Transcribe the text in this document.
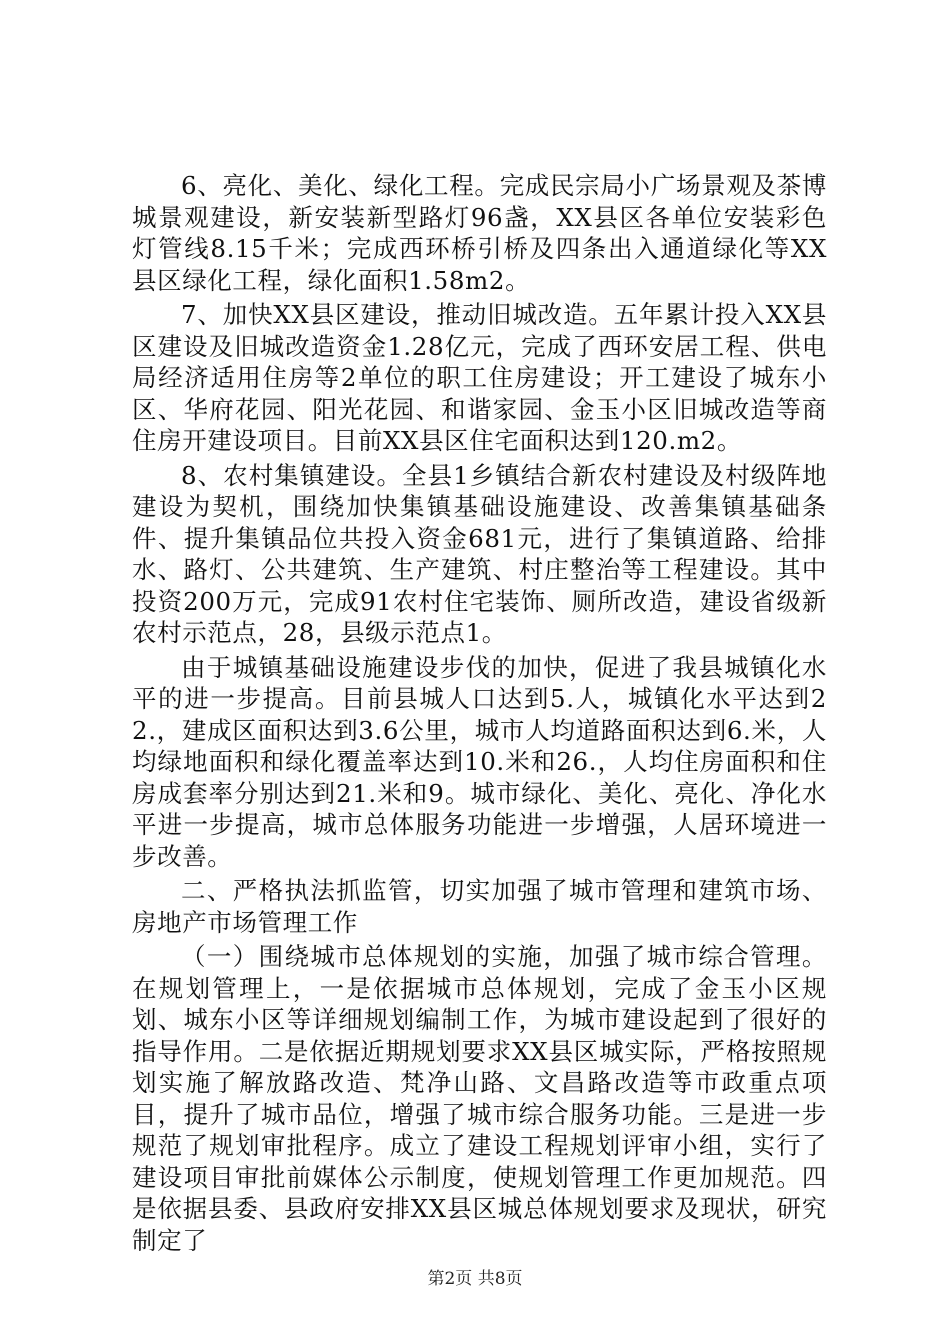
6、亮化、美化、绿化工程。完成民宗局小广场景观及茶博城景观建设，新安装新型路灯96盏，XX县区各单位安装彩色灯管线8.15千米；完成西环桥引桥及四条出入通道绿化等XX县区绿化工程，绿化面积1.58m2。

7、加快XX县区建设，推动旧城改造。五年累计投入XX县区建设及旧城改造资金1.28亿元，完成了西环安居工程、供电局经济适用住房等2单位的职工住房建设；开工建设了城东小区、华府花园、阳光花园、和谐家园、金玉小区旧城改造等商住房开建设项目。目前XX县区住宅面积达到120.m2。

8、农村集镇建设。全县1乡镇结合新农村建设及村级阵地建设为契机，围绕加快集镇基础设施建设、改善集镇基础条件、提升集镇品位共投入资金681元，进行了集镇道路、给排水、路灯、公共建筑、生产建筑、村庄整治等工程建设。其中投资200万元，完成91农村住宅装饰、厕所改造，建设省级新农村示范点，28，县级示范点1。

由于城镇基础设施建设步伐的加快，促进了我县城镇化水平的进一步提高。目前县城人口达到5.人，城镇化水平达到22.，建成区面积达到3.6公里，城市人均道路面积达到6.米，人均绿地面积和绿化覆盖率达到10.米和26.，人均住房面积和住房成套率分别达到21.米和9。城市绿化、美化、亮化、净化水平进一步提高，城市总体服务功能进一步增强，人居环境进一步改善。

二、严格执法抓监管，切实加强了城市管理和建筑市场、房地产市场管理工作

（一）围绕城市总体规划的实施，加强了城市综合管理。在规划管理上，一是依据城市总体规划，完成了金玉小区规划、城东小区等详细规划编制工作，为城市建设起到了很好的指导作用。二是依据近期规划要求XX县区城实际，严格按照规划实施了解放路改造、梵净山路、文昌路改造等市政重点项目，提升了城市品位，增强了城市综合服务功能。三是进一步规范了规划审批程序。成立了建设工程规划评审小组，实行了建设项目审批前媒体公示制度，使规划管理工作更加规范。四是依据县委、县政府安排XX县区城总体规划要求及现状，研究制定了

第2页 共8页
